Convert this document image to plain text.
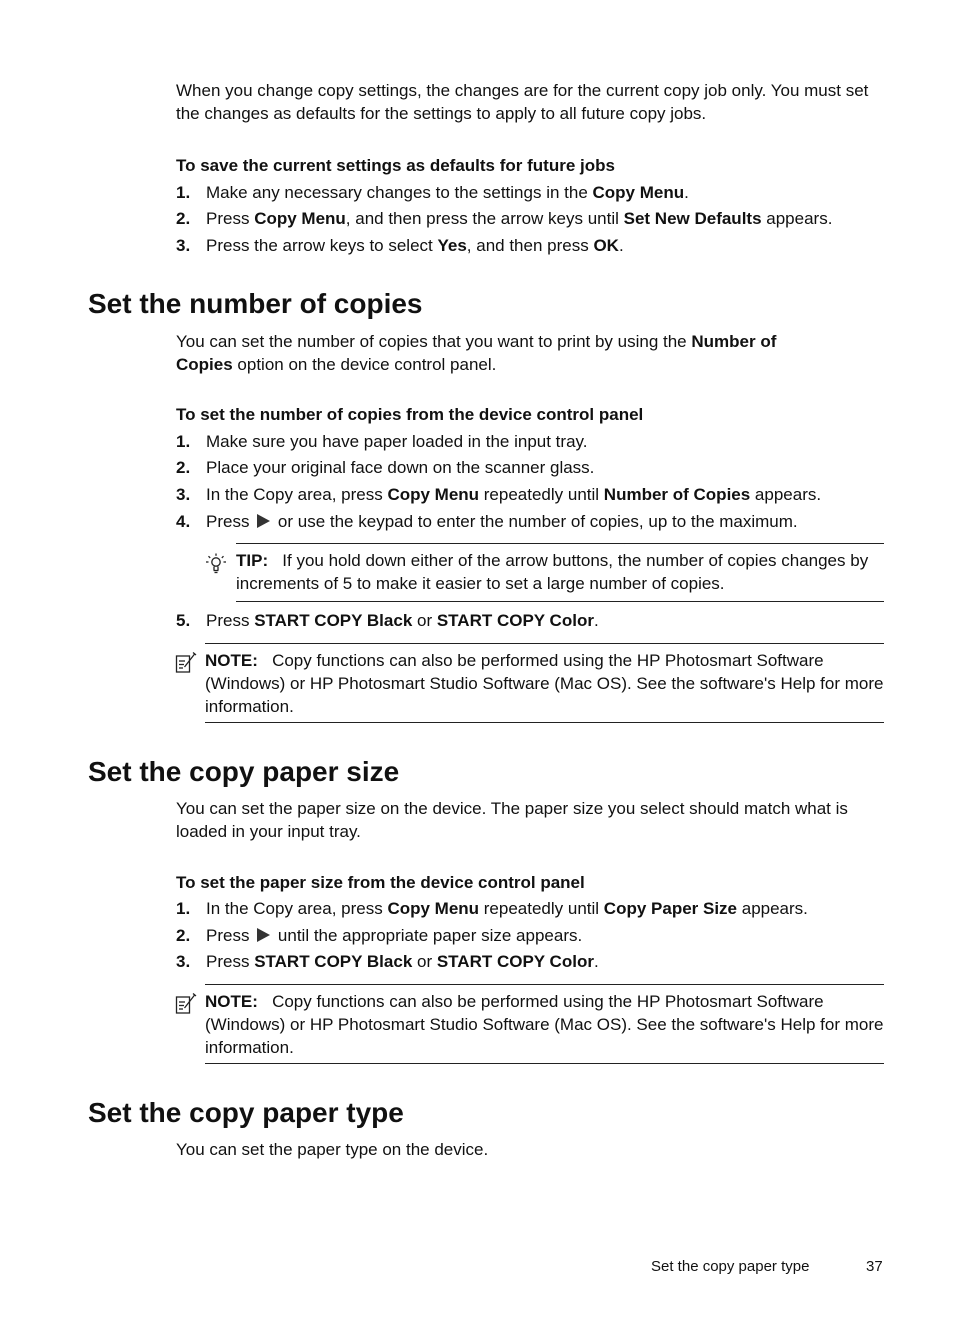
When you change copy settings, the changes are for the current copy job only. You must set the changes as defaults for the settings to apply to all future copy jobs.

To save the current settings as defaults for future jobs

1. Make any necessary changes to the settings in the Copy Menu.
2. Press Copy Menu, and then press the arrow keys until Set New Defaults appears.
3. Press the arrow keys to select Yes, and then press OK.
Set the number of copies

You can set the number of copies that you want to print by using the Number of Copies option on the device control panel.

To set the number of copies from the device control panel

1. Make sure you have paper loaded in the input tray.
2. Place your original face down on the scanner glass.
3. In the Copy area, press Copy Menu repeatedly until Number of Copies appears.
4. Press  or use the keypad to enter the number of copies, up to the maximum.

TIP: If you hold down either of the arrow buttons, the number of copies changes by increments of 5 to make it easier to set a large number of copies.

5. Press START COPY Black or START COPY Color.

NOTE: Copy functions can also be performed using the HP Photosmart Software (Windows) or HP Photosmart Studio Software (Mac OS). See the software's Help for more information.

Set the copy paper size

You can set the paper size on the device. The paper size you select should match what is loaded in your input tray.

To set the paper size from the device control panel

1. In the Copy area, press Copy Menu repeatedly until Copy Paper Size appears.
2. Press  until the appropriate paper size appears.
3. Press START COPY Black or START COPY Color.

NOTE: Copy functions can also be performed using the HP Photosmart Software (Windows) or HP Photosmart Studio Software (Mac OS). See the software's Help for more information.

Set the copy paper type

You can set the paper type on the device.

Set the copy paper type	37
